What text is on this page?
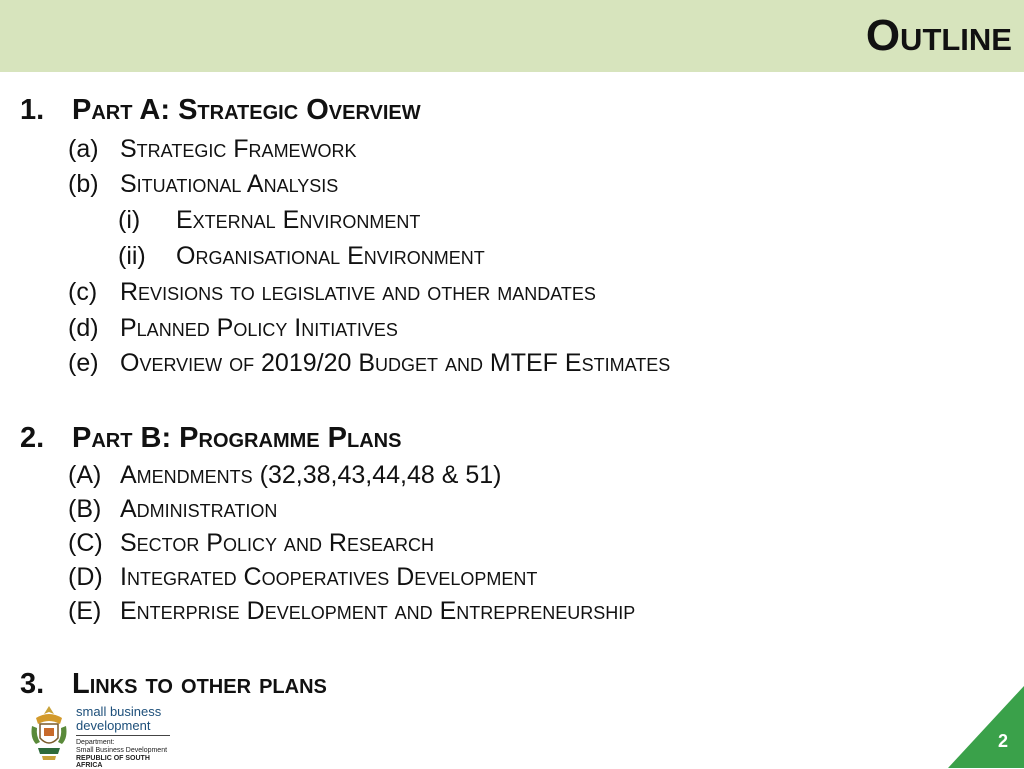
Outline
1. Part A: Strategic Overview
(a) Strategic Framework
(b) Situational Analysis
(i) External Environment
(ii) Organisational Environment
(c) Revisions to legislative and other mandates
(d) Planned Policy Initiatives
(e) Overview of 2019/20 Budget and MTEF Estimates
2. Part B: Programme Plans
(A) Amendments (32,38,43,44,48 & 51)
(B) Administration
(C) Sector Policy and Research
(D) Integrated Cooperatives Development
(E) Enterprise Development and Entrepreneurship
3. Links to other plans
small business
development
Department:
Small Business Development
REPUBLIC OF SOUTH AFRICA
2
